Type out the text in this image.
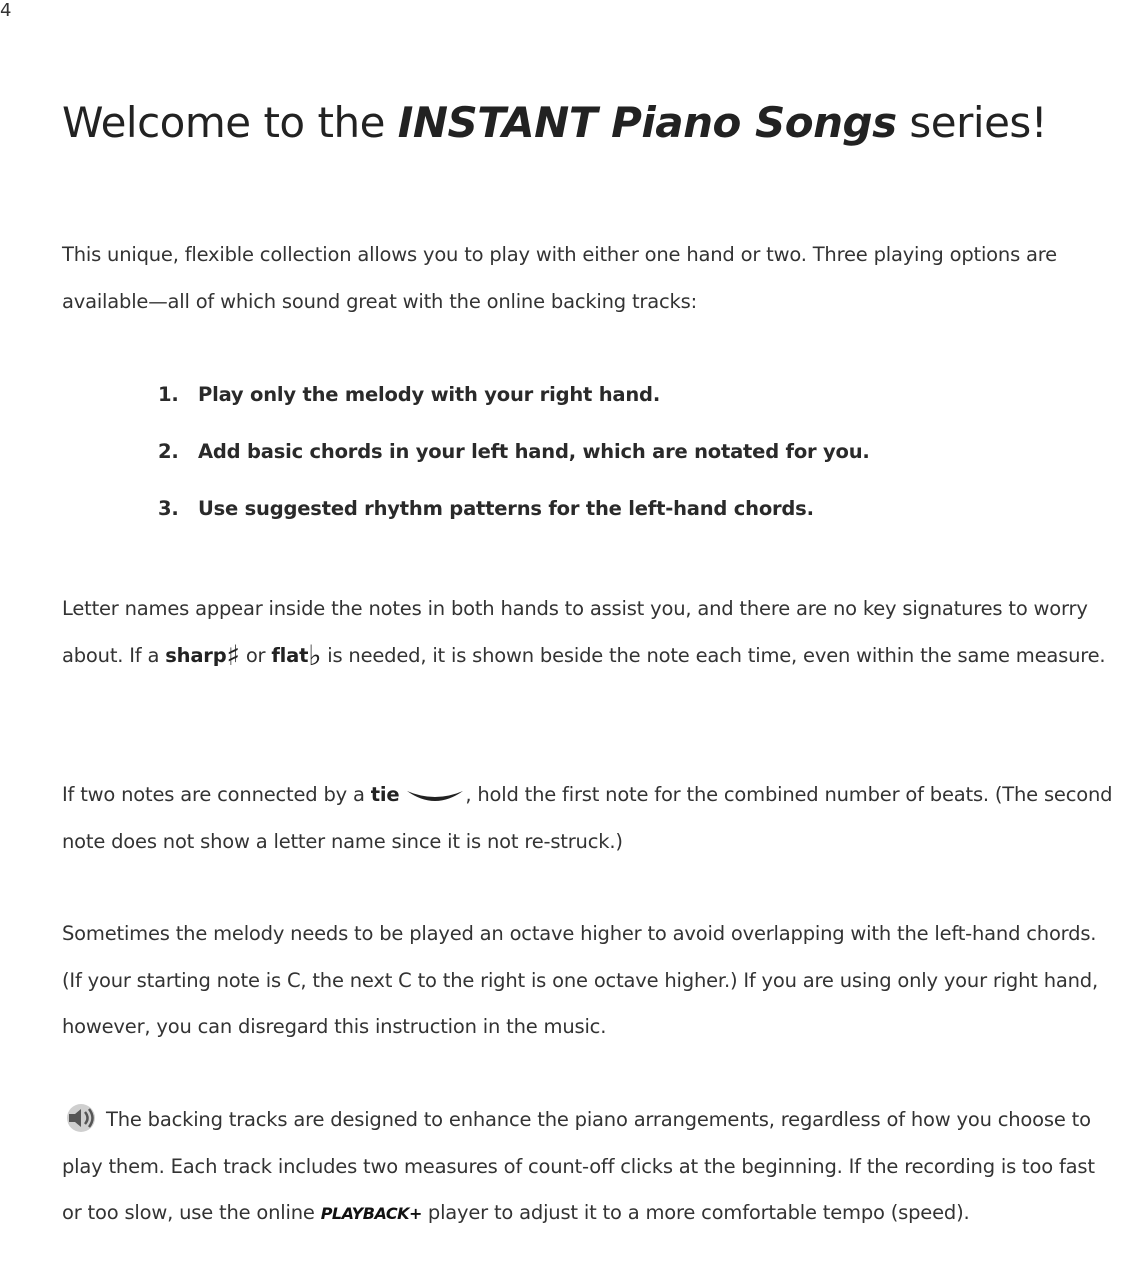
4
Welcome to the INSTANT Piano Songs series!

This unique, flexible collection allows you to play with either one hand or two. Three playing options are available—all of which sound great with the online backing tracks:

1. Play only the melody with your right hand.
2. Add basic chords in your left hand, which are notated for you.
3. Use suggested rhythm patterns for the left-hand chords.

Letter names appear inside the notes in both hands to assist you, and there are no key signatures to worry about. If a sharp♯ or flat♭ is needed, it is shown beside the note each time, even within the same measure.

If two notes are connected by a tie	, hold the first note for the combined number of beats. (The second note does not show a letter name since it is not re-struck.)

Sometimes the melody needs to be played an octave higher to avoid overlapping with the left-hand chords. (If your starting note is C, the next C to the right is one octave higher.) If you are using only your right hand, however, you can disregard this instruction in the music.

The backing tracks are designed to enhance the piano arrangements, regardless of how you choose to play them. Each track includes two measures of count-off clicks at the beginning. If the recording is too fast or too slow, use the online PLAYBACK+ player to adjust it to a more comfortable tempo (speed).
